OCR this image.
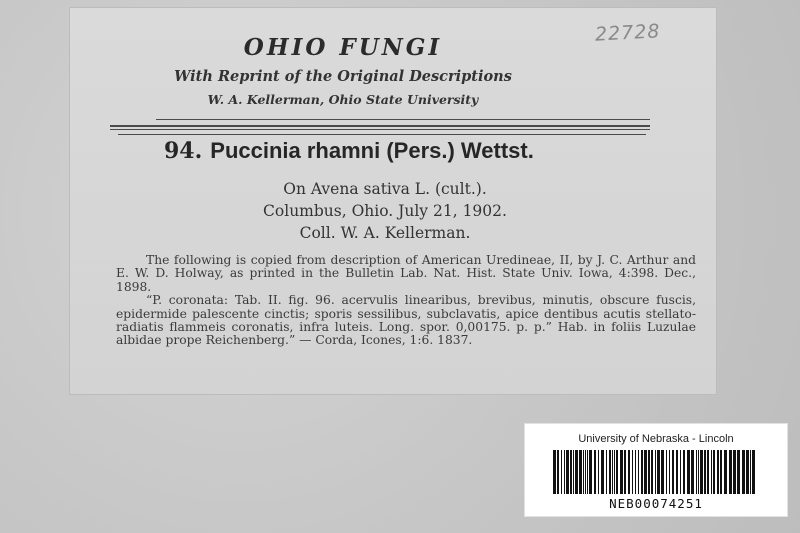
OHIO FUNGI
With Reprint of the Original Descriptions
W. A. Kellerman, Ohio State University
22728
94. Puccinia rhamni (Pers.) Wettst.
On Avena sativa L. (cult.).
Columbus, Ohio. July 21, 1902.
Coll. W. A. Kellerman.

The following is copied from description of American Uredineae, II, by J. C. Arthur and E. W. D. Holway, as printed in the Bulletin Lab. Nat. Hist. State Univ. Iowa, 4:398. Dec., 1898.

“P. coronata: Tab. II. fig. 96. acervulis linearibus, brevibus, minutis, obscure fuscis, epidermide palescente cinctis; sporis sessilibus, subclavatis, apice dentibus acutis stellato-radiatis flammeis coronatis, infra luteis. Long. spor. 0,00175. p. p.” Hab. in foliis Luzulae albidae prope Reichenberg.” — Corda, Icones, 1:6. 1837.

University of Nebraska - Lincoln
NEB00074251
